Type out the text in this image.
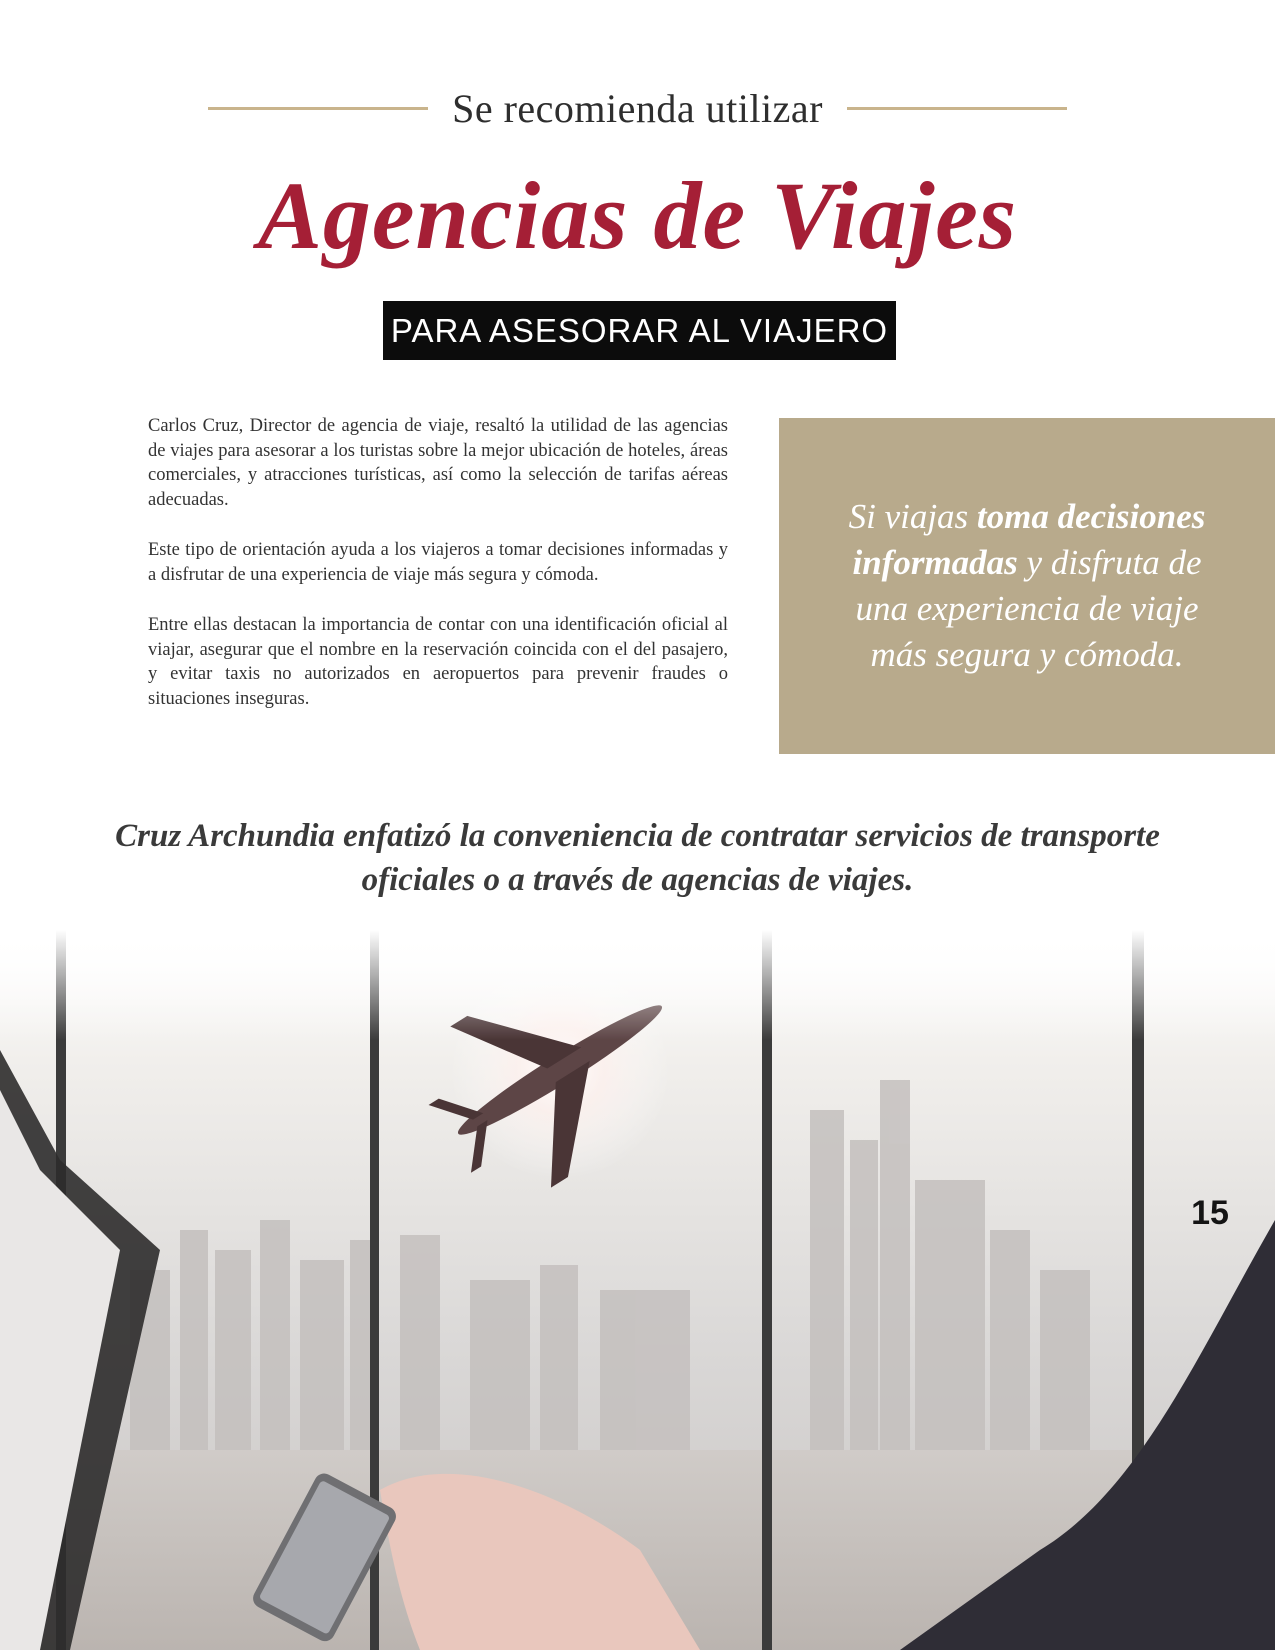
Se recomienda utilizar
Agencias de Viajes
PARA ASESORAR AL VIAJERO

Carlos Cruz, Director de agencia de viaje, resaltó la utilidad de las agencias de viajes para asesorar a los turistas sobre la mejor ubicación de hoteles, áreas comerciales, y atracciones turísticas, así como la selección de tarifas aéreas adecuadas.

Este tipo de orientación ayuda a los viajeros a tomar decisiones informadas y a disfrutar de una experiencia de viaje más segura y cómoda.

Entre ellas destacan la importancia de contar con una identificación oficial al viajar, asegurar que el nombre en la reservación coincida con el del pasajero, y evitar taxis no autorizados en aeropuertos para prevenir fraudes o situaciones inseguras.

Si viajas toma decisiones informadas y disfruta de una experiencia de viaje más segura y cómoda.
Cruz Archundia enfatizó la conveniencia de contratar servicios de transporte oficiales o a través de agencias de viajes.
15
